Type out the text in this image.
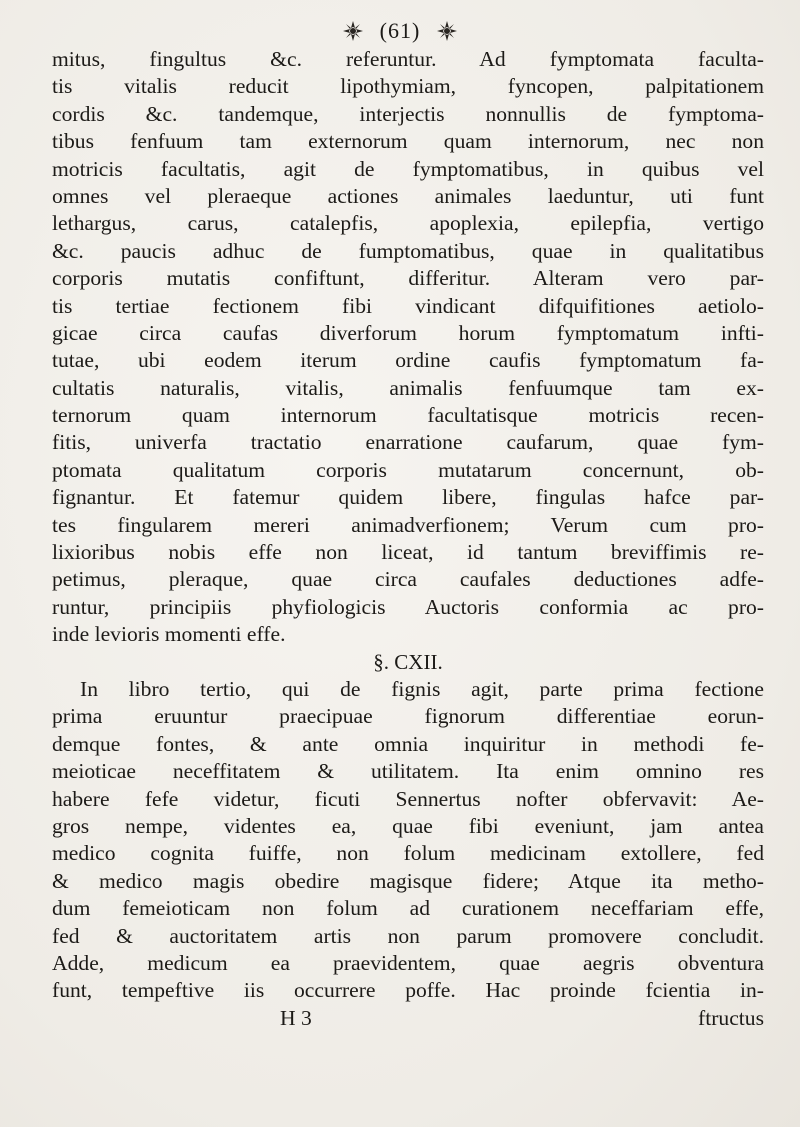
(61)
mitus, fingultus &c. referuntur. Ad fymptomata faculta-
tis vitalis reducit lipothymiam, fyncopen, palpitationem
cordis &c. tandemque, interjectis nonnullis de fymptoma-
tibus fenfuum tam externorum quam internorum, nec non
motricis facultatis, agit de fymptomatibus, in quibus vel
omnes vel pleraeque actiones animales laeduntur, uti funt
lethargus, carus, catalepfis, apoplexia, epilepfia, vertigo
&c. paucis adhuc de fumptomatibus, quae in qualitatibus
corporis mutatis confiftunt, differitur. Alteram vero par-
tis tertiae fectionem fibi vindicant difquifitiones aetiolo-
gicae circa caufas diverforum horum fymptomatum infti-
tutae, ubi eodem iterum ordine caufis fymptomatum fa-
cultatis naturalis, vitalis, animalis fenfuumque tam ex-
ternorum quam internorum facultatisque motricis recen-
fitis, univerfa tractatio enarratione caufarum, quae fym-
ptomata qualitatum corporis mutatarum concernunt, ob-
fignantur. Et fatemur quidem libere, fingulas hafce par-
tes fingularem mereri animadverfionem; Verum cum pro-
lixioribus nobis effe non liceat, id tantum breviffimis re-
petimus, pleraque, quae circa caufales deductiones adfe-
runtur, principiis phyfiologicis Auctoris conformia ac pro-
inde levioris momenti effe.
§. CXII.
In libro tertio, qui de fignis agit, parte prima fectione
prima eruuntur praecipuae fignorum differentiae eorun-
demque fontes, & ante omnia inquiritur in methodi fe-
meioticae neceffitatem & utilitatem. Ita enim omnino res
habere fefe videtur, ficuti Sennertus nofter obfervavit: Ae-
gros nempe, videntes ea, quae fibi eveniunt, jam antea
medico cognita fuiffe, non folum medicinam extollere, fed
& medico magis obedire magisque fidere; Atque ita metho-
dum femeioticam non folum ad curationem neceffariam effe,
fed & auctoritatem artis non parum promovere concludit.
Adde, medicum ea praevidentem, quae aegris obventura
funt, tempeftive iis occurrere poffe. Hac proinde fcientia in-
H 3	ftructus
